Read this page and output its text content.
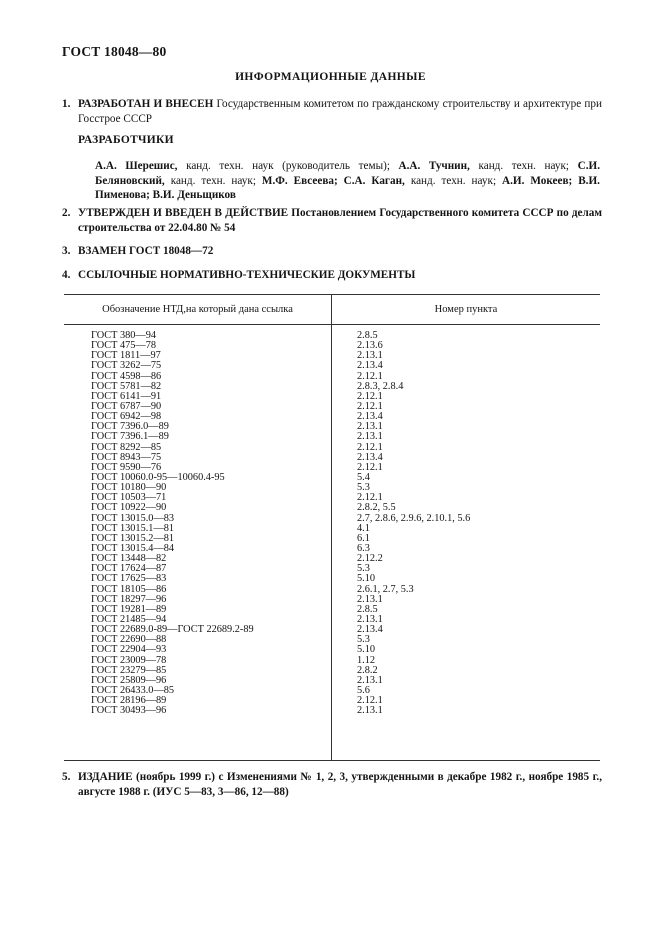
ГОСТ 18048—80
ИНФОРМАЦИОННЫЕ ДАННЫЕ
1. РАЗРАБОТАН И ВНЕСЕН Государственным комитетом по гражданскому строительству и архитектуре при Госстрое СССР
РАЗРАБОТЧИКИ
А.А. Шерешис, канд. техн. наук (руководитель темы); А.А. Тучнин, канд. техн. наук; С.И. Беляновский, канд. техн. наук; М.Ф. Евсеева; С.А. Каган, канд. техн. наук; А.И. Мокеев; В.И. Пименова; В.И. Деньщиков
2. УТВЕРЖДЕН И ВВЕДЕН В ДЕЙСТВИЕ Постановлением Государственного комитета СССР по делам строительства от 22.04.80 № 54
3. ВЗАМЕН ГОСТ 18048—72
4. ССЫЛОЧНЫЕ НОРМАТИВНО-ТЕХНИЧЕСКИЕ ДОКУМЕНТЫ
Обозначение НТД,на который дана ссылка	Номер пункта
ГОСТ 380—94	2.8.5
ГОСТ 475—78	2.13.6
ГОСТ 1811—97	2.13.1
ГОСТ 3262—75	2.13.4
ГОСТ 4598—86	2.12.1
ГОСТ 5781—82	2.8.3, 2.8.4
ГОСТ 6141—91	2.12.1
ГОСТ 6787—90	2.12.1
ГОСТ 6942—98	2.13.4
ГОСТ 7396.0—89	2.13.1
ГОСТ 7396.1—89	2.13.1
ГОСТ 8292—85	2.12.1
ГОСТ 8943—75	2.13.4
ГОСТ 9590—76	2.12.1
ГОСТ 10060.0-95—10060.4-95	5.4
ГОСТ 10180—90	5.3
ГОСТ 10503—71	2.12.1
ГОСТ 10922—90	2.8.2, 5.5
ГОСТ 13015.0—83	2.7, 2.8.6, 2.9.6, 2.10.1, 5.6
ГОСТ 13015.1—81	4.1
ГОСТ 13015.2—81	6.1
ГОСТ 13015.4—84	6.3
ГОСТ 13448—82	2.12.2
ГОСТ 17624—87	5.3
ГОСТ 17625—83	5.10
ГОСТ 18105—86	2.6.1, 2.7, 5.3
ГОСТ 18297—96	2.13.1
ГОСТ 19281—89	2.8.5
ГОСТ 21485—94	2.13.1
ГОСТ 22689.0-89—ГОСТ 22689.2-89	2.13.4
ГОСТ 22690—88	5.3
ГОСТ 22904—93	5.10
ГОСТ 23009—78	1.12
ГОСТ 23279—85	2.8.2
ГОСТ 25809—96	2.13.1
ГОСТ 26433.0—85	5.6
ГОСТ 28196—89	2.12.1
ГОСТ 30493—96	2.13.1
5. ИЗДАНИЕ (ноябрь 1999 г.) с Изменениями № 1, 2, 3, утвержденными в декабре 1982 г., ноябре 1985 г., августе 1988 г. (ИУС 5—83, 3—86, 12—88)
